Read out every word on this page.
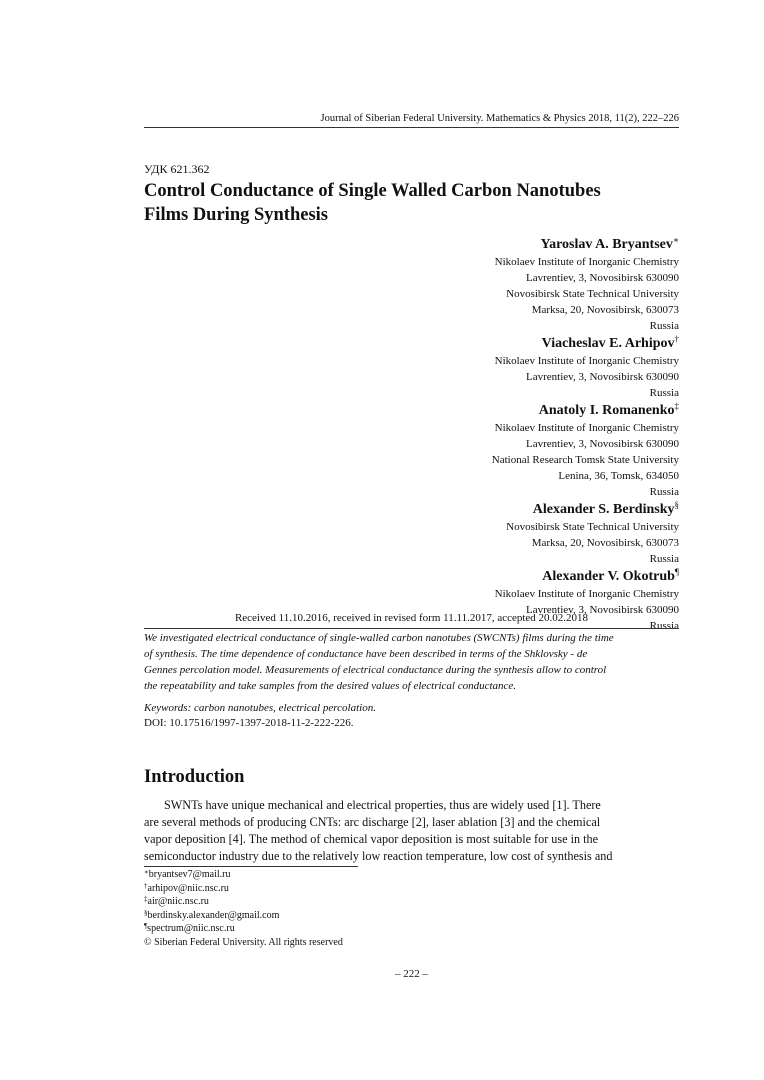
Journal of Siberian Federal University. Mathematics & Physics 2018, 11(2), 222–226
УДК 621.362
Control Conductance of Single Walled Carbon Nanotubes
Films During Synthesis
Yaroslav A. Bryantsev∗
Nikolaev Institute of Inorganic Chemistry
Lavrentiev, 3, Novosibirsk 630090
Novosibirsk State Technical University
Marksa, 20, Novosibirsk, 630073
Russia
Viacheslav E. Arhipov†
Nikolaev Institute of Inorganic Chemistry
Lavrentiev, 3, Novosibirsk 630090
Russia
Anatoly I. Romanenko‡
Nikolaev Institute of Inorganic Chemistry
Lavrentiev, 3, Novosibirsk 630090
National Research Tomsk State University
Lenina, 36, Tomsk, 634050
Russia
Alexander S. Berdinsky§
Novosibirsk State Technical University
Marksa, 20, Novosibirsk, 630073
Russia
Alexander V. Okotrub¶
Nikolaev Institute of Inorganic Chemistry
Lavrentiev, 3, Novosibirsk 630090
Russia
Received 11.10.2016, received in revised form 11.11.2017, accepted 20.02.2018
We investigated electrical conductance of single-walled carbon nanotubes (SWCNTs) films during the time
of synthesis. The time dependence of conductance have been described in terms of the Shklovsky - de
Gennes percolation model. Measurements of electrical conductance during the synthesis allow to control
the repeatability and take samples from the desired values of electrical conductance.
Keywords: carbon nanotubes, electrical percolation.
DOI: 10.17516/1997-1397-2018-11-2-222-226.
Introduction
SWNTs have unique mechanical and electrical properties, thus are widely used [1]. There
are several methods of producing CNTs: arc discharge [2], laser ablation [3] and the chemical
vapor deposition [4]. The method of chemical vapor deposition is most suitable for use in the
semiconductor industry due to the relatively low reaction temperature, low cost of synthesis and
∗bryantsev7@mail.ru
†arhipov@niic.nsc.ru
‡air@niic.nsc.ru
§berdinsky.alexander@gmail.com
¶spectrum@niic.nsc.ru
© Siberian Federal University. All rights reserved
– 222 –
